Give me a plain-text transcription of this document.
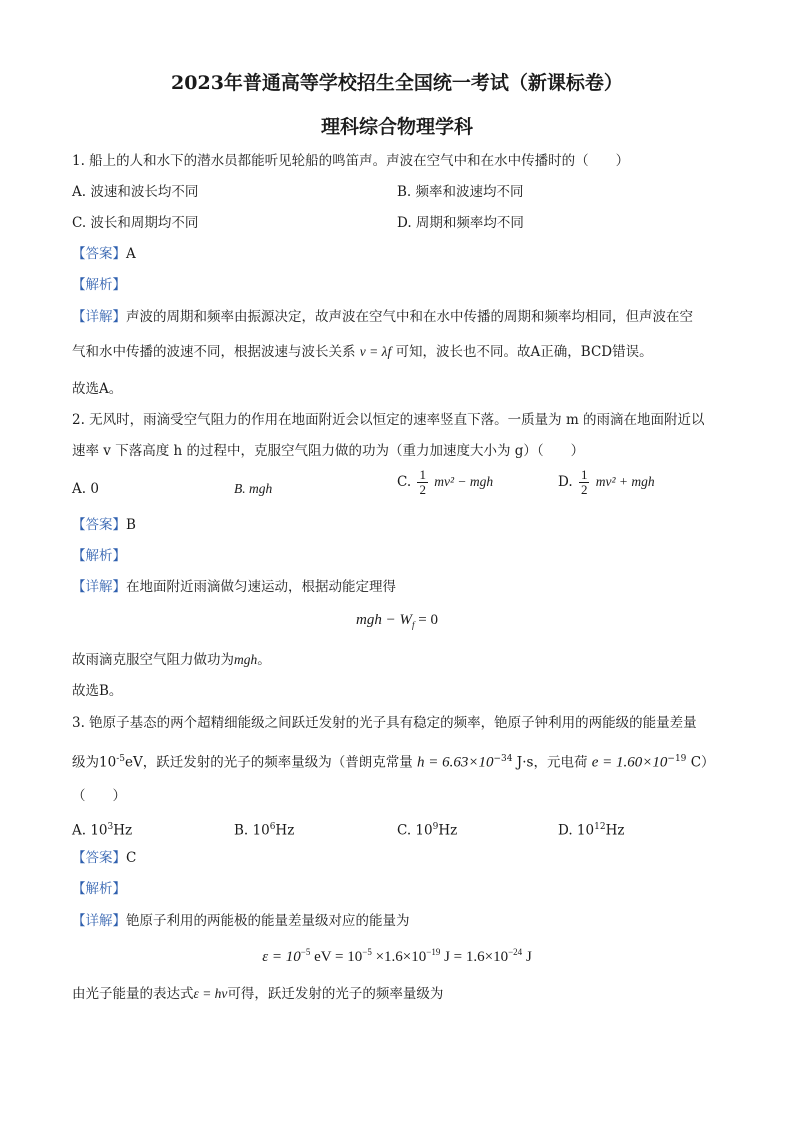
2023年普通高等学校招生全国统一考试（新课标卷）
理科综合物理学科
1. 船上的人和水下的潜水员都能听见轮船的鸣笛声。声波在空气中和在水中传播时的（　　）
A. 波速和波长均不同	B. 频率和波速均不同
C. 波长和周期均不同	D. 周期和频率均不同
【答案】A
【解析】
【详解】声波的周期和频率由振源决定，故声波在空气中和在水中传播的周期和频率均相同，但声波在空
气和水中传播的波速不同，根据波速与波长关系 v = λf 可知，波长也不同。故A正确，BCD错误。
故选A。
2. 无风时，雨滴受空气阻力的作用在地面附近会以恒定的速率竖直下落。一质量为 m 的雨滴在地面附近以
速率 v 下落高度 h 的过程中，克服空气阻力做的功为（重力加速度大小为 g）（　　）
A. 0	B. mgh	C. $\frac{1}{2} mv^2$ − mgh	D. $\frac{1}{2} mv^2$ + mgh
【答案】B
【解析】
【详解】在地面附近雨滴做匀速运动，根据动能定理得
mgh − $W_f = 0$
故雨滴克服空气阻力做功为mgh。
故选B。
3. 铯原子基态的两个超精细能级之间跃迁发射的光子具有稳定的频率，铯原子钟利用的两能级的能量差量
级为$10^{-5}eV$，跃迁发射的光子的频率量级为（普朗克常量 $h = 6.63\times 10^{-34}$ J·s，元电荷 $e = 1.60\times 10^{-19}$ C）
（　　）
A. $10^3Hz$	B. $10^6Hz$	C. $10^9Hz$	D. $10^{12}Hz$
【答案】C
【解析】
【详解】铯原子利用的两能极的能量差量级对应的能量为
$\varepsilon = 10^{-5}$ eV = $10^{-5} \times 1.6\times 10^{-19}$ $J = 1.6\times 10^{-24}$ J
由光子能量的表达式ε = hν可得，跃迁发射的光子的频率量级为
